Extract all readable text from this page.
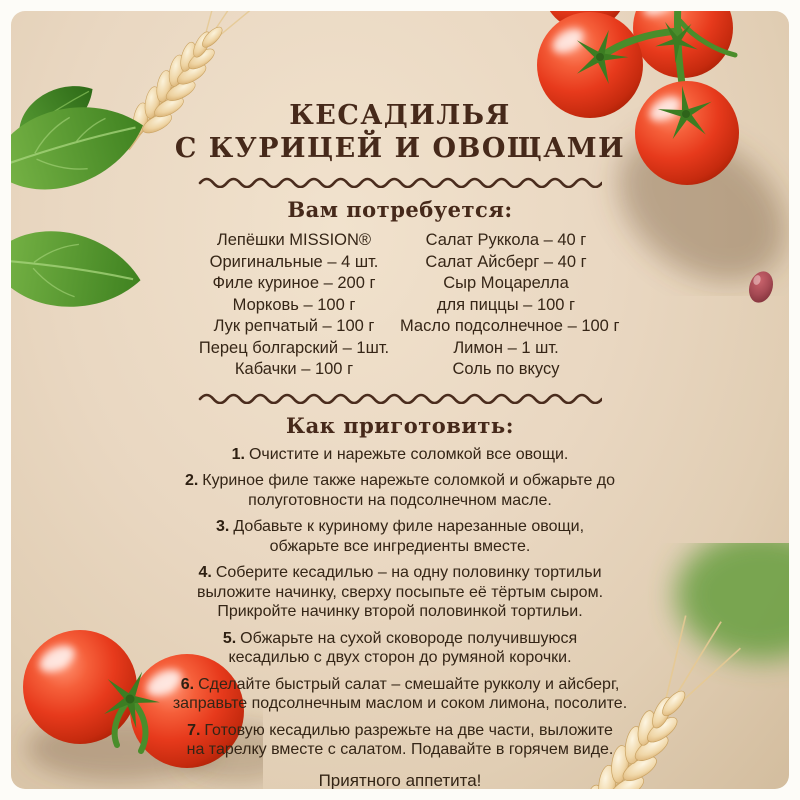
КЕСАДИЛЬЯ
С КУРИЦЕЙ И ОВОЩАМИ
Вам потребуется:

Лепёшки MISSION®
Оригинальные – 4 шт.

Филе куриное – 200 г

Морковь – 100 г

Лук репчатый – 100 г

Перец болгарский – 1шт.

Кабачки – 100 г

Салат Руккола – 40 г

Салат Айсберг – 40 г

Сыр Моцарелла
для пиццы – 100 г

Масло подсолнечное – 100 г

Лимон – 1 шт.

Соль по вкусу

Как приготовить:

1. Очистите и нарежьте соломкой все овощи.

2. Куриное филе также нарежьте соломкой и обжарьте до полуготовности на подсолнечном масле.

3. Добавьте к куриному филе нарезанные овощи, обжарьте все ингредиенты вместе.

4. Соберите кесадилью – на одну половинку тортильи выложите начинку, сверху посыпьте её тёртым сыром. Прикройте начинку второй половинкой тортильи.

5. Обжарьте на сухой сковороде получившуюся кесадилью с двух сторон до румяной корочки.

6. Сделайте быстрый салат – смешайте рукколу и айсберг, заправьте подсолнечным маслом и соком лимона, посолите.

7. Готовую кесадилью разрежьте на две части, выложите на тарелку вместе с салатом. Подавайте в горячем виде.

Приятного аппетита!
